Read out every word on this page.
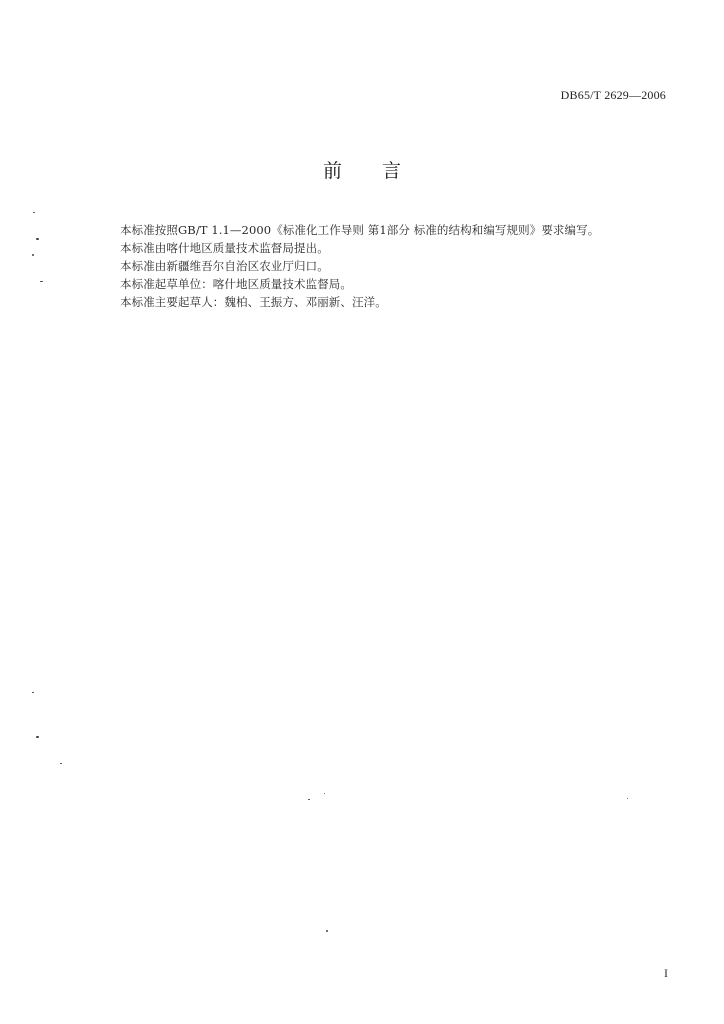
DB65/T 2629—2006
前 言
本标准按照GB/T 1.1—2000《标准化工作导则 第1部分 标准的结构和编写规则》要求编写。
本标准由喀什地区质量技术监督局提出。
本标准由新疆维吾尔自治区农业厅归口。
本标准起草单位：喀什地区质量技术监督局。
本标准主要起草人：魏柏、王振方、邓丽新、汪洋。
I
